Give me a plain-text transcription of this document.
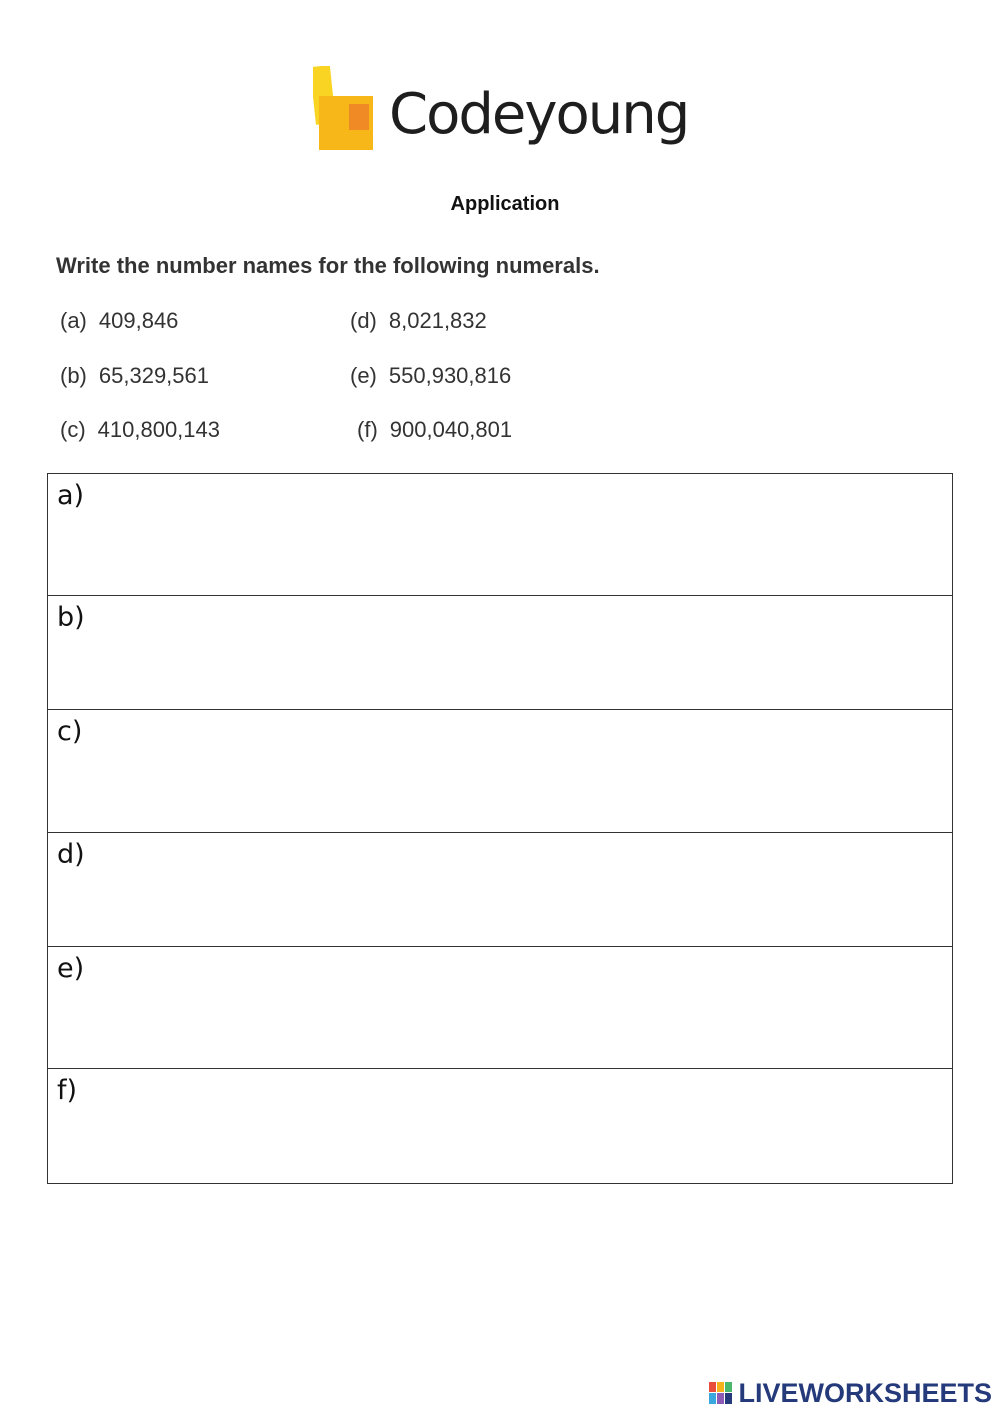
Codeyoung
Application
Write the number names for the following numerals.
(a) 409,846
(b) 65,329,561
(c) 410,800,143
(d) 8,021,832
(e) 550,930,816
(f) 900,040,801
a)
b)
c)
d)
e)
f)
LIVEWORKSHEETS
